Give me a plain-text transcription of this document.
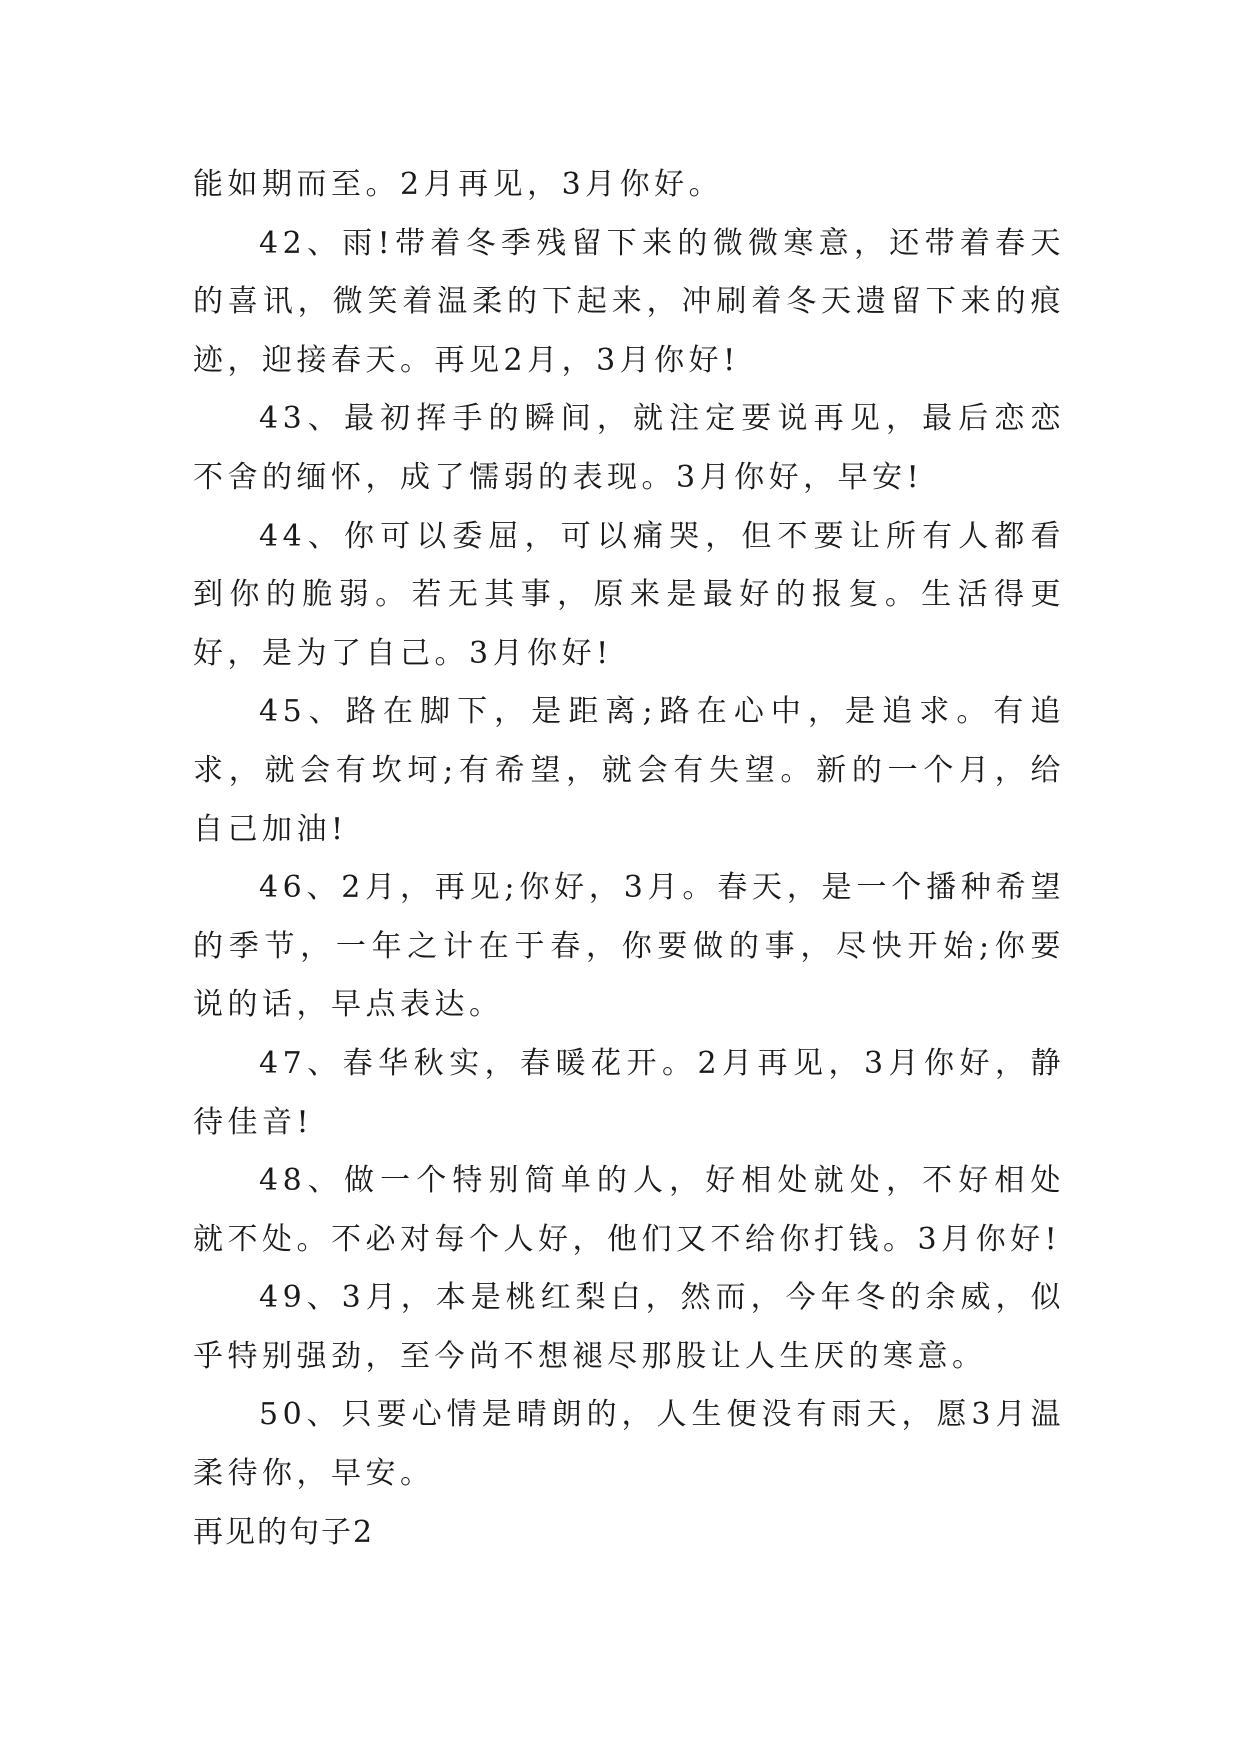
能如期而至。2月再见，3月你好。

42、雨!带着冬季残留下来的微微寒意，还带着春天的喜讯，微笑着温柔的下起来，冲刷着冬天遗留下来的痕迹，迎接春天。再见2月，3月你好!

43、最初挥手的瞬间，就注定要说再见，最后恋恋不舍的缅怀，成了懦弱的表现。3月你好，早安!

44、你可以委屈，可以痛哭，但不要让所有人都看到你的脆弱。若无其事，原来是最好的报复。生活得更好，是为了自己。3月你好!

45、路在脚下，是距离;路在心中，是追求。有追求，就会有坎坷;有希望，就会有失望。新的一个月，给自己加油!

46、2月，再见;你好，3月。春天，是一个播种希望的季节，一年之计在于春，你要做的事，尽快开始;你要说的话，早点表达。

47、春华秋实，春暖花开。2月再见，3月你好，静待佳音!

48、做一个特别简单的人，好相处就处，不好相处就不处。不必对每个人好，他们又不给你打钱。3月你好!

49、3月，本是桃红梨白，然而，今年冬的余威，似乎特别强劲，至今尚不想褪尽那股让人生厌的寒意。

50、只要心情是晴朗的，人生便没有雨天，愿3月温柔待你，早安。

再见的句子2
